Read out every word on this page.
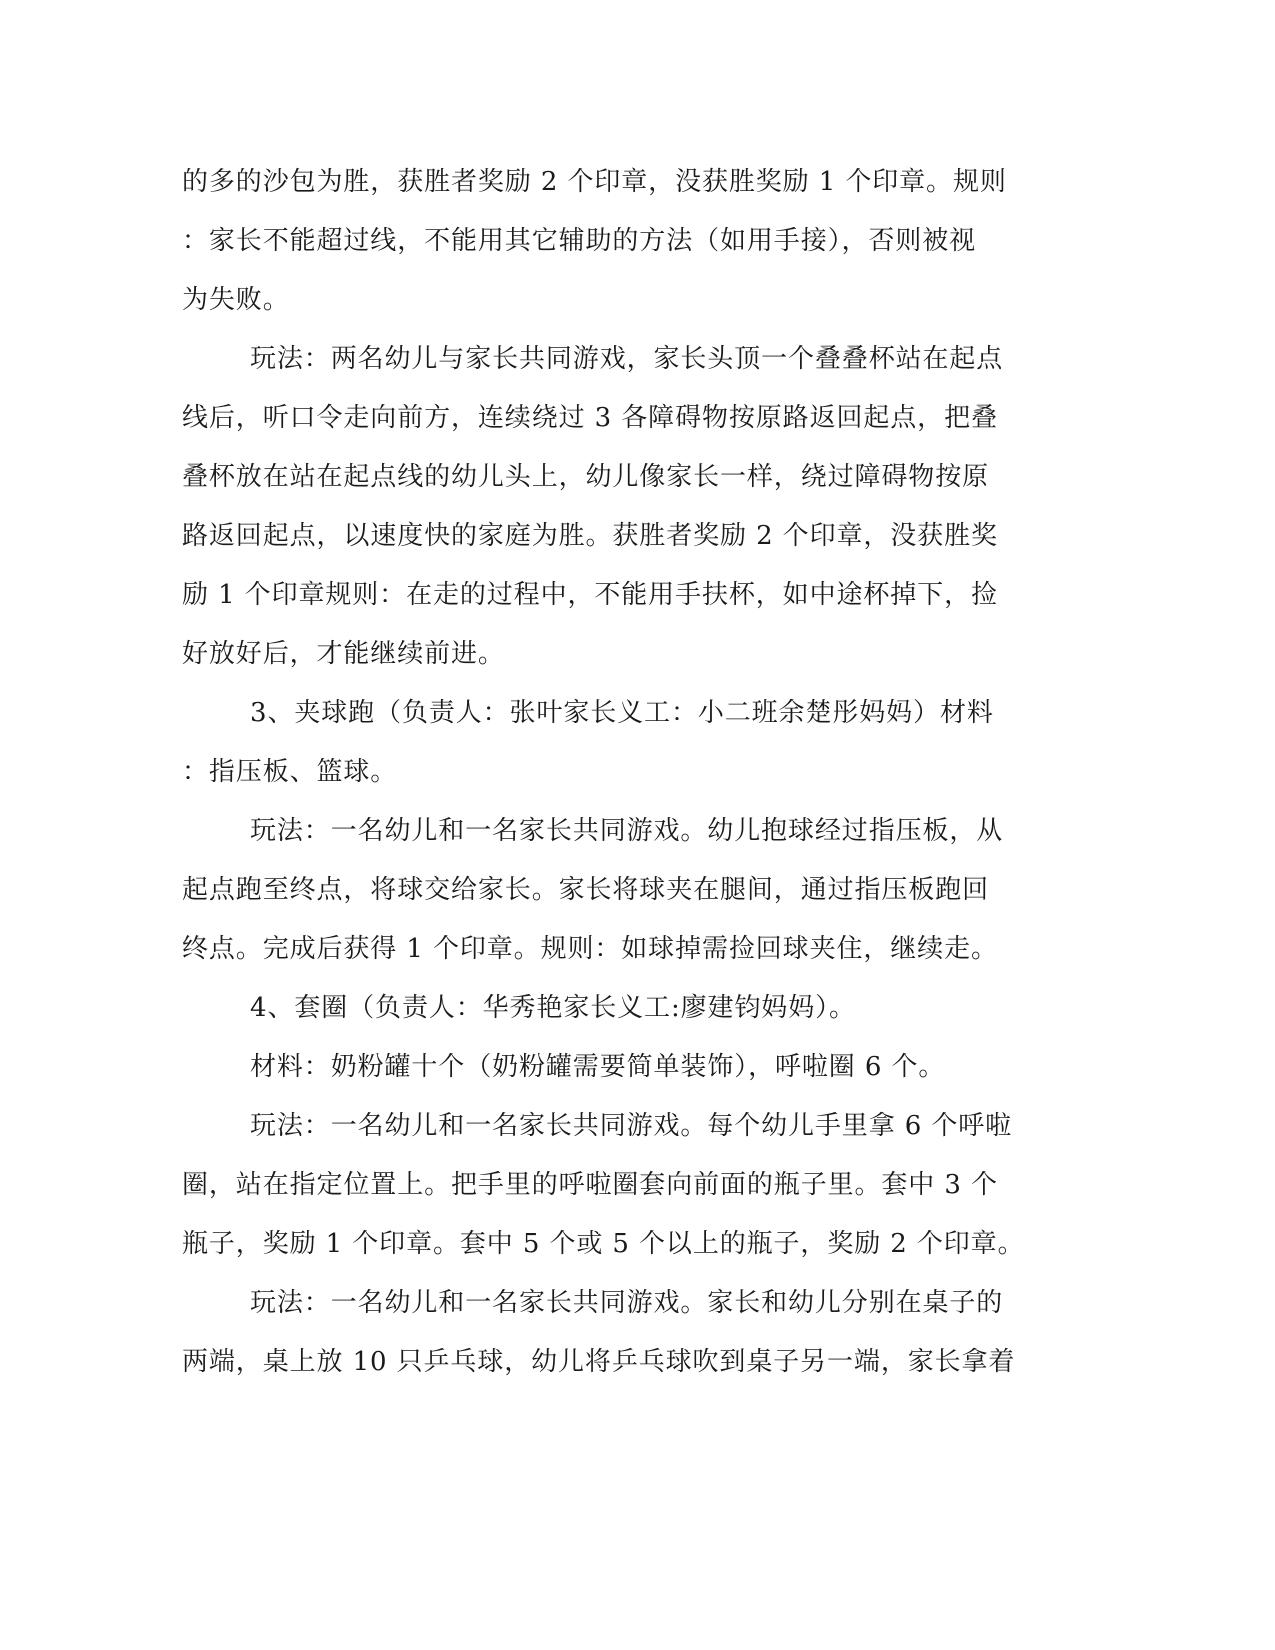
的多的沙包为胜，获胜者奖励 2 个印章，没获胜奖励 1 个印章。规则
：家长不能超过线，不能用其它辅助的方法（如用手接），否则被视
为失败。
玩法：两名幼儿与家长共同游戏，家长头顶一个叠叠杯站在起点
线后，听口令走向前方，连续绕过 3 各障碍物按原路返回起点，把叠
叠杯放在站在起点线的幼儿头上，幼儿像家长一样，绕过障碍物按原
路返回起点，以速度快的家庭为胜。获胜者奖励 2 个印章，没获胜奖
励 1 个印章规则：在走的过程中，不能用手扶杯，如中途杯掉下，捡
好放好后，才能继续前进。
3、夹球跑（负责人：张叶家长义工：小二班余楚彤妈妈）材料
：指压板、篮球。
玩法：一名幼儿和一名家长共同游戏。幼儿抱球经过指压板，从
起点跑至终点，将球交给家长。家长将球夹在腿间，通过指压板跑回
终点。完成后获得 1 个印章。规则：如球掉需捡回球夹住，继续走。
4、套圈（负责人：华秀艳家长义工:廖建钧妈妈）。
材料：奶粉罐十个（奶粉罐需要简单装饰），呼啦圈 6 个。
玩法：一名幼儿和一名家长共同游戏。每个幼儿手里拿 6 个呼啦
圈，站在指定位置上。把手里的呼啦圈套向前面的瓶子里。套中 3 个
瓶子，奖励 1 个印章。套中 5 个或 5 个以上的瓶子，奖励 2 个印章。
玩法：一名幼儿和一名家长共同游戏。家长和幼儿分别在桌子的
两端，桌上放 10 只乒乓球，幼儿将乒乓球吹到桌子另一端，家长拿着
